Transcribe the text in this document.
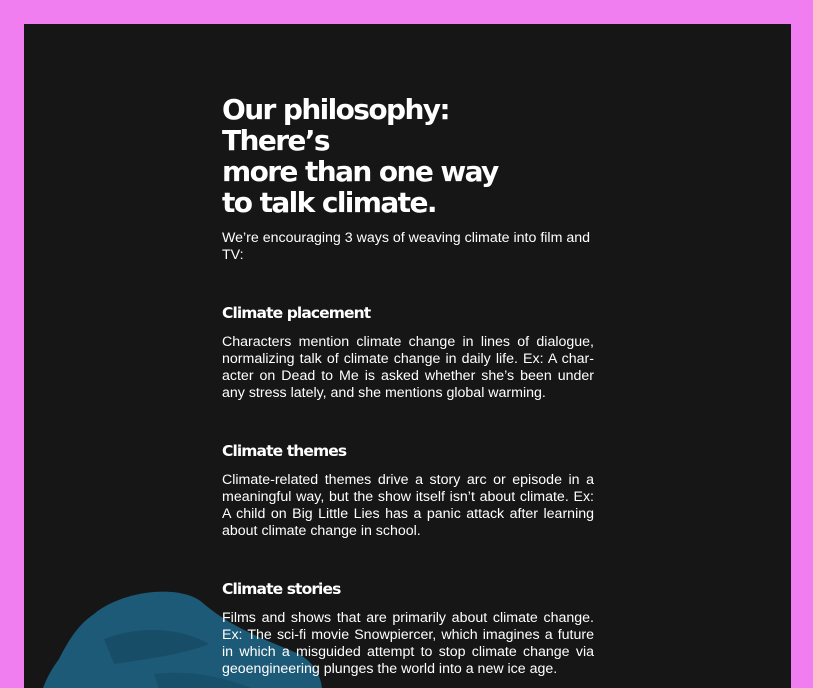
Our philosophy: There’s
more than one way
to talk climate.

We’re encouraging 3 ways of weaving climate into film and TV:

Climate placement

Characters mention climate change in lines of dialogue, normalizing talk of climate change in daily life. Ex: A character on Dead to Me is asked whether she’s been under any stress lately, and she mentions global warming.

Climate themes

Climate-related themes drive a story arc or episode in a meaningful way, but the show itself isn’t about climate. Ex: A child on Big Little Lies has a panic attack after learning about climate change in school.

Climate stories

Films and shows that are primarily about climate change. Ex: The sci-fi movie Snowpiercer, which imagines a future in which a misguided attempt to stop climate change via geoengineering plunges the world into a new ice age.
